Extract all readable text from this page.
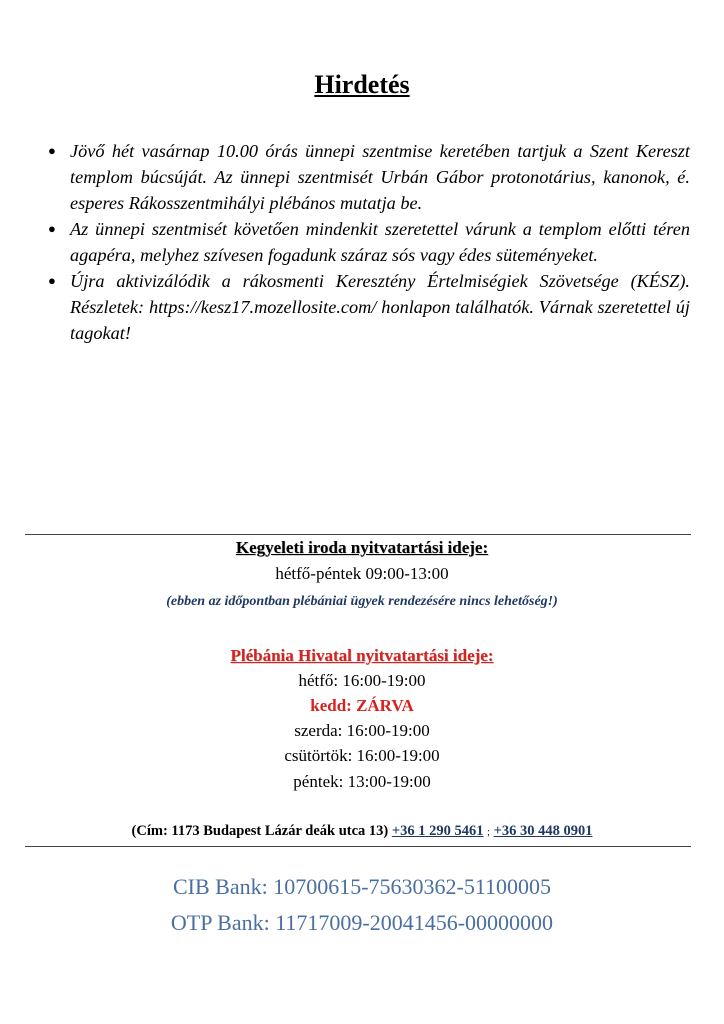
Hirdetés
● Jövő hét vasárnap 10.00 órás ünnepi szentmise keretében tartjuk a Szent Kereszt templom búcsúját. Az ünnepi szentmisét Urbán Gábor protonotárius, kanonok, é. esperes Rákosszentmihályi plébános mutatja be.
● Az ünnepi szentmisét követően mindenkit szeretettel várunk a templom előtti téren agapéra, melyhez szívesen fogadunk száraz sós vagy édes süteményeket.
● Újra aktivizálódik a rákosmenti Keresztény Értelmiségiek Szövetsége (KÉSZ). Részletek: https://kesz17.mozellosite.com/ honlapon találhatók. Várnak szeretettel új tagokat!
Kegyeleti iroda nyitvatartási ideje:
hétfő-péntek 09:00-13:00
(ebben az időpontban plébániai ügyek rendezésére nincs lehetőség!)
Plébánia Hivatal nyitvatartási ideje:
hétfő: 16:00-19:00
kedd: ZÁRVA
szerda: 16:00-19:00
csütörtök: 16:00-19:00
péntek: 13:00-19:00
(Cím: 1173 Budapest Lázár deák utca 13) +36 1 290 5461 ; +36 30 448 0901
CIB Bank: 10700615-75630362-51100005
OTP Bank: 11717009-20041456-00000000
